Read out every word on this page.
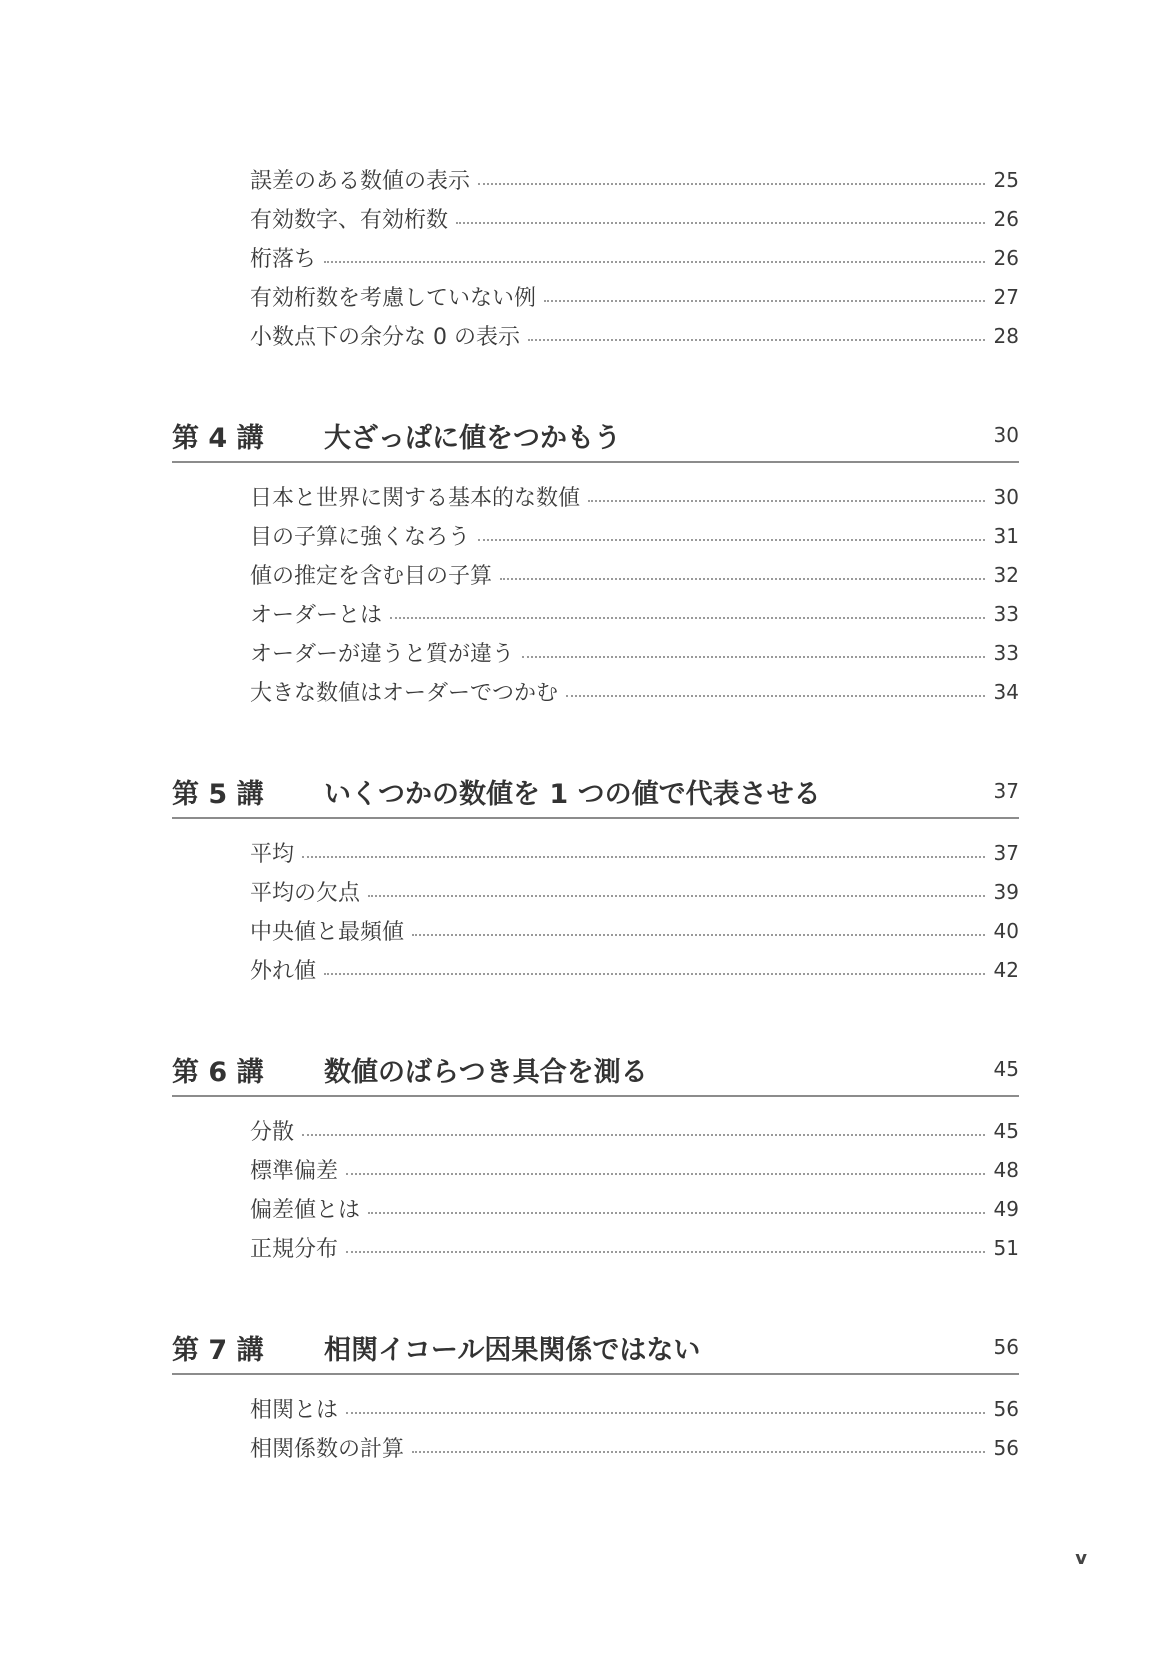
誤差のある数値の表示	25
有効数字、有効桁数	26
桁落ち	26
有効桁数を考慮していない例	27
小数点下の余分な 0 の表示	28
第 4 講	大ざっぱに値をつかもう	30
日本と世界に関する基本的な数値	30
目の子算に強くなろう	31
値の推定を含む目の子算	32
オーダーとは	33
オーダーが違うと質が違う	33
大きな数値はオーダーでつかむ	34
第 5 講	いくつかの数値を 1 つの値で代表させる	37
平均	37
平均の欠点	39
中央値と最頻値	40
外れ値	42
第 6 講	数値のばらつき具合を測る	45
分散	45
標準偏差	48
偏差値とは	49
正規分布	51
第 7 講	相関イコール因果関係ではない	56
相関とは	56
相関係数の計算	56
v
